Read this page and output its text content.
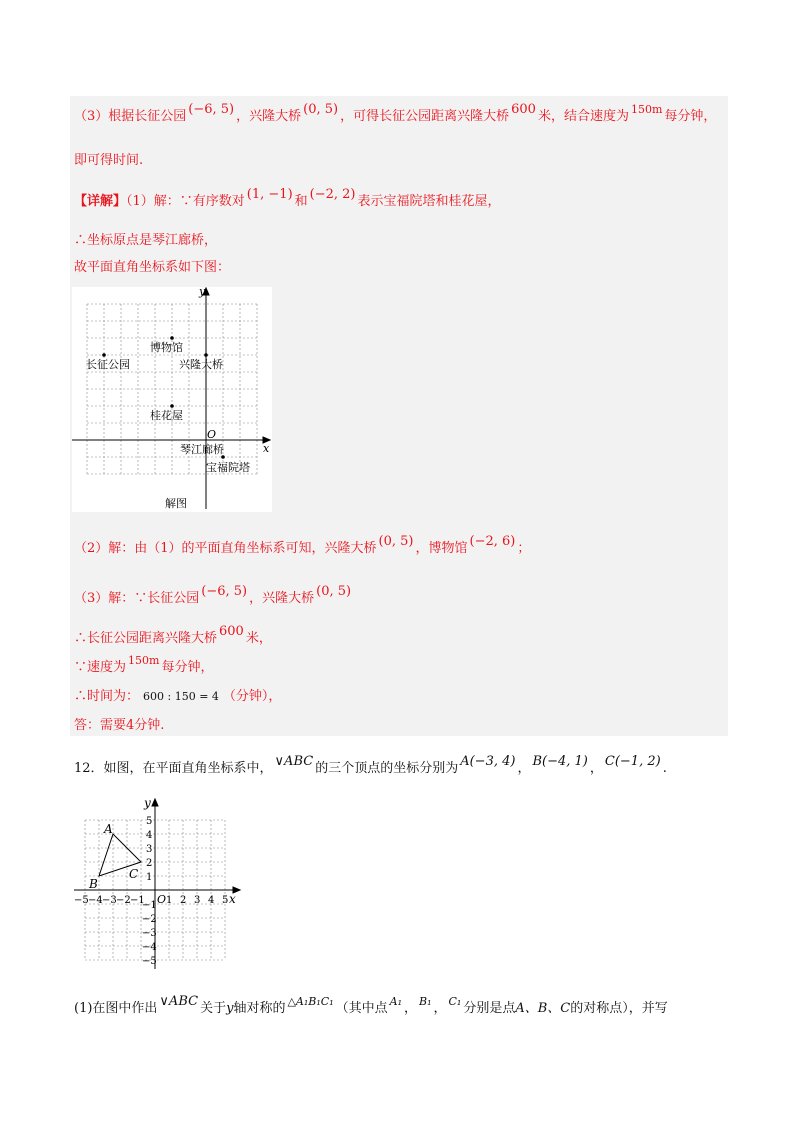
（3）根据长征公园 (−6, 5) ，兴隆大桥 (0, 5) ，可得长征公园距离兴隆大桥 600 米，结合速度为 $^{150m}$ 每分钟，
即可得时间.
【详解】（1）解：∵有序数对 (1, −1) 和 (−2, 2) 表示宝福院塔和桂花屋，
∴坐标原点是琴江廊桥，
故平面直角坐标系如下图：
y
x
O
博物馆
长征公园	兴隆大桥
桂花屋
琴江廊桥
宝福院塔
解图
（2）解：由（1）的平面直角坐标系可知，兴隆大桥 (0, 5) ，博物馆 (−2, 6) ；
（3）解：∵长征公园 (−6, 5) ，兴隆大桥 (0, 5)
∴长征公园距离兴隆大桥 600 米，
∵速度为 $^{150m}$ 每分钟，
∴时间为： 600 : 150 = 4 （分钟），
答：需要4分钟.
12．如图，在平面直角坐标系中， ∨ABC 的三个顶点的坐标分别为 A(−3, 4) ， B(−4, 1) ， C(−1, 2) .
y
x
O
−5 −4 −3 −2 −1 1 2 3 4 5
5
4
3
2
1
−1
−2
−3
−4
−5
A
B
C
(1)在图中作出 ∨ABC 关于y轴对称的 $^{\triangle A_1B_1C_1}$ （其中点 $^{A_1}$ ， $^{B_1}$ ， $^{C_1}$ 分别是点A、B、C的对称点），并写
